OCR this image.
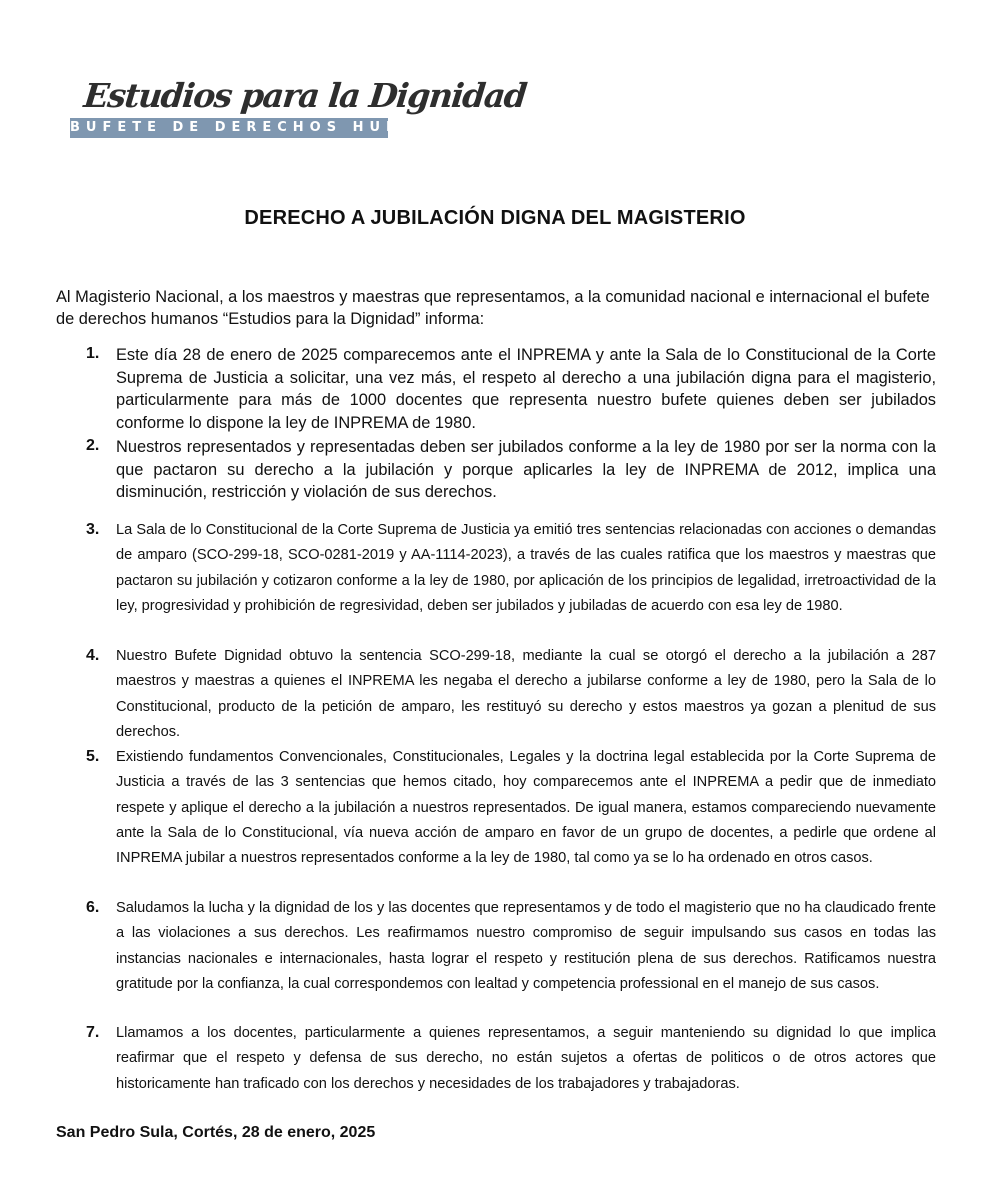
Estudios para la Dignidad
BUFETE DE DERECHOS HUMANOS
DERECHO A JUBILACIÓN DIGNA DEL MAGISTERIO
Al Magisterio Nacional, a los maestros y maestras que representamos, a la comunidad nacional e internacional el bufete de derechos humanos “Estudios para la Dignidad” informa:
1. Este día 28 de enero de 2025 comparecemos ante el INPREMA y ante la Sala de lo Constitucional de la Corte Suprema de Justicia a solicitar, una vez más, el respeto al derecho a una jubilación digna para el magisterio, particularmente para más de 1000 docentes que representa nuestro bufete quienes deben ser jubilados conforme lo dispone la ley de INPREMA de 1980.
2. Nuestros representados y representadas deben ser jubilados conforme a la ley de 1980 por ser la norma con la que pactaron su derecho a la jubilación y porque aplicarles la ley de INPREMA de 2012, implica una disminución, restricción y violación de sus derechos.
3. La Sala de lo Constitucional de la Corte Suprema de Justicia ya emitió tres sentencias relacionadas con acciones o demandas de amparo (SCO-299-18, SCO-0281-2019 y AA-1114-2023), a través de las cuales ratifica que los maestros y maestras que pactaron su jubilación y cotizaron conforme a la ley de 1980, por aplicación de los principios de legalidad, irretroactividad de la ley, progresividad y prohibición de regresividad, deben ser jubilados y jubiladas de acuerdo con esa ley de 1980.
4. Nuestro Bufete Dignidad obtuvo la sentencia SCO-299-18, mediante la cual se otorgó el derecho a la jubilación a 287 maestros y maestras a quienes el INPREMA les negaba el derecho a jubilarse conforme a ley de 1980, pero la Sala de lo Constitucional, producto de la petición de amparo, les restituyó su derecho y estos maestros ya gozan a plenitud de sus derechos.
5. Existiendo fundamentos Convencionales, Constitucionales, Legales y la doctrina legal establecida por la Corte Suprema de Justicia a través de las 3 sentencias que hemos citado, hoy comparecemos ante el INPREMA a pedir que de inmediato respete y aplique el derecho a la jubilación a nuestros representados. De igual manera, estamos compareciendo nuevamente ante la Sala de lo Constitucional, vía nueva acción de amparo en favor de un grupo de docentes, a pedirle que ordene al INPREMA jubilar a nuestros representados conforme a la ley de 1980, tal como ya se lo ha ordenado en otros casos.
6. Saludamos la lucha y la dignidad de los y las docentes que representamos y de todo el magisterio que no ha claudicado frente a las violaciones a sus derechos. Les reafirmamos nuestro compromiso de seguir impulsando sus casos en todas las instancias nacionales e internacionales, hasta lograr el respeto y restitución plena de sus derechos. Ratificamos nuestra gratitude por la confianza, la cual correspondemos con lealtad y competencia professional en el manejo de sus casos.
7. Llamamos a los docentes, particularmente a quienes representamos, a seguir manteniendo su dignidad lo que implica reafirmar que el respeto y defensa de sus derecho, no están sujetos a ofertas de politicos o de otros actores que historicamente han traficado con los derechos y necesidades de los trabajadores y trabajadoras.
San Pedro Sula, Cortés, 28 de enero, 2025
